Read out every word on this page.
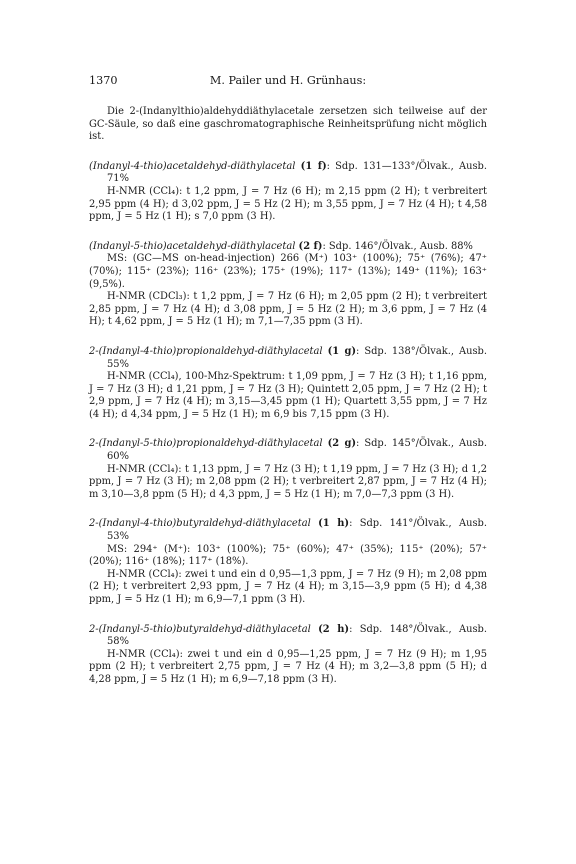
1370	M. Pailer und H. Grünhaus:

Die 2-(Indanylthio)aldehyddiäthylacetale zersetzen sich teilweise auf der GC-Säule, so daß eine gaschromatographische Reinheitsprüfung nicht möglich ist.

(Indanyl-4-thio)acetaldehyd-diäthylacetal (1 f): Sdp. 131—133°/Ölvak., Ausb. 71%

H-NMR (CCl₄): t 1,2 ppm, J = 7 Hz (6 H); m 2,15 ppm (2 H); t verbreitert 2,95 ppm (4 H); d 3,02 ppm, J = 5 Hz (2 H); m 3,55 ppm, J = 7 Hz (4 H); t 4,58 ppm, J = 5 Hz (1 H); s 7,0 ppm (3 H).

(Indanyl-5-thio)acetaldehyd-diäthylacetal (2 f): Sdp. 146°/Ölvak., Ausb. 88%

MS: (GC—MS on-head-injection) 266 (M⁺) 103⁺ (100%); 75⁺ (76%); 47⁺ (70%); 115⁺ (23%); 116⁺ (23%); 175⁺ (19%); 117⁺ (13%); 149⁺ (11%); 163⁺ (9,5%).

H-NMR (CDCl₃): t 1,2 ppm, J = 7 Hz (6 H); m 2,05 ppm (2 H); t verbreitert 2,85 ppm, J = 7 Hz (4 H); d 3,08 ppm, J = 5 Hz (2 H); m 3,6 ppm, J = 7 Hz (4 H); t 4,62 ppm, J = 5 Hz (1 H); m 7,1—7,35 ppm (3 H).

2-(Indanyl-4-thio)propionaldehyd-diäthylacetal (1 g): Sdp. 138°/Ölvak., Ausb. 55%

H-NMR (CCl₄), 100-Mhz-Spektrum: t 1,09 ppm, J = 7 Hz (3 H); t 1,16 ppm, J = 7 Hz (3 H); d 1,21 ppm, J = 7 Hz (3 H); Quintett 2,05 ppm, J = 7 Hz (2 H); t 2,9 ppm, J = 7 Hz (4 H); m 3,15—3,45 ppm (1 H); Quartett 3,55 ppm, J = 7 Hz (4 H); d 4,34 ppm, J = 5 Hz (1 H); m 6,9 bis 7,15 ppm (3 H).

2-(Indanyl-5-thio)propionaldehyd-diäthylacetal (2 g): Sdp. 145°/Ölvak., Ausb. 60%

H-NMR (CCl₄): t 1,13 ppm, J = 7 Hz (3 H); t 1,19 ppm, J = 7 Hz (3 H); d 1,2 ppm, J = 7 Hz (3 H); m 2,08 ppm (2 H); t verbreitert 2,87 ppm, J = 7 Hz (4 H); m 3,10—3,8 ppm (5 H); d 4,3 ppm, J = 5 Hz (1 H); m 7,0—7,3 ppm (3 H).

2-(Indanyl-4-thio)butyraldehyd-diäthylacetal (1 h): Sdp. 141°/Ölvak., Ausb. 53%

MS: 294⁺ (M⁺): 103⁺ (100%); 75⁺ (60%); 47⁺ (35%); 115⁺ (20%); 57⁺ (20%); 116⁺ (18%); 117⁺ (18%).

H-NMR (CCl₄): zwei t und ein d 0,95—1,3 ppm, J = 7 Hz (9 H); m 2,08 ppm (2 H); t verbreitert 2,93 ppm, J = 7 Hz (4 H); m 3,15—3,9 ppm (5 H); d 4,38 ppm, J = 5 Hz (1 H); m 6,9—7,1 ppm (3 H).

2-(Indanyl-5-thio)butyraldehyd-diäthylacetal (2 h): Sdp. 148°/Ölvak., Ausb. 58%

H-NMR (CCl₄): zwei t und ein d 0,95—1,25 ppm, J = 7 Hz (9 H); m 1,95 ppm (2 H); t verbreitert 2,75 ppm, J = 7 Hz (4 H); m 3,2—3,8 ppm (5 H); d 4,28 ppm, J = 5 Hz (1 H); m 6,9—7,18 ppm (3 H).
